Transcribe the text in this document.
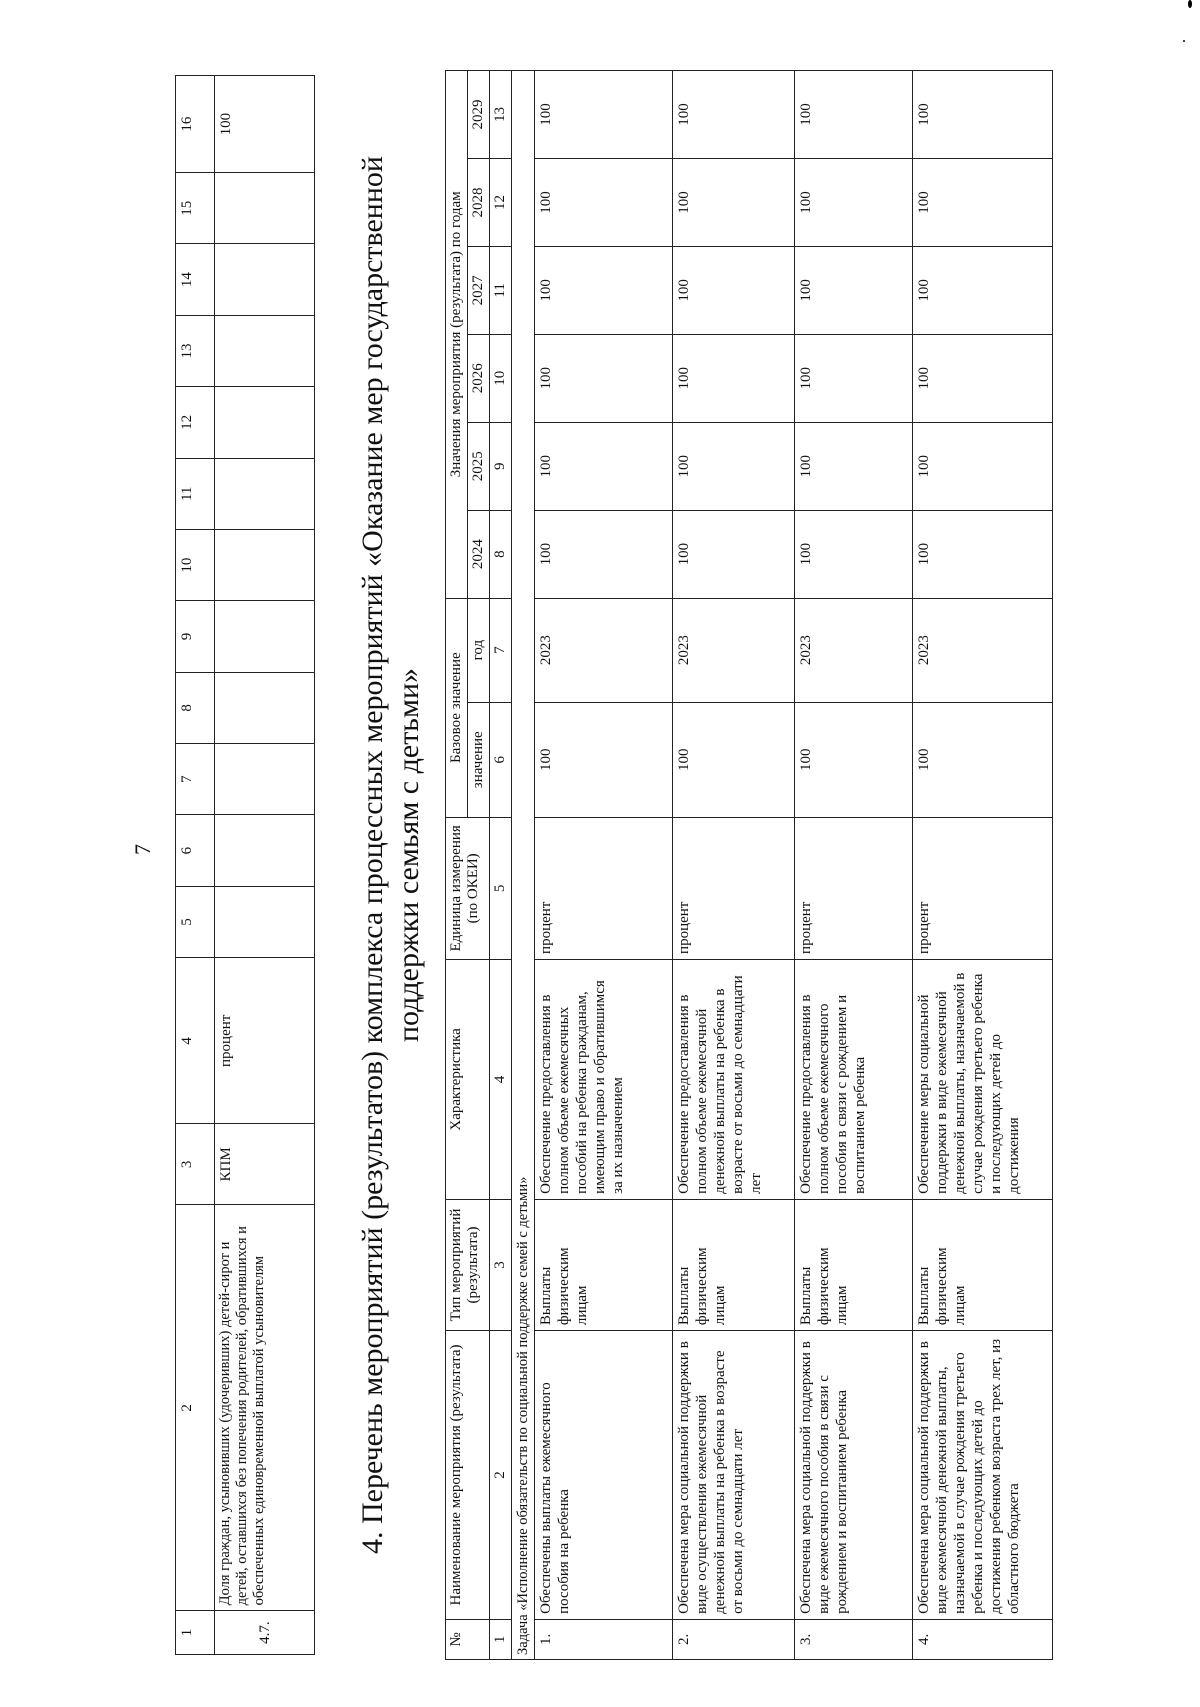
7
1	2	3	4	5	6	7	8	9	10	11	12	13	14	15	16
4.7.	Доля граждан, усыновивших (удочеривших) детей-сирот и детей, оставшихся без попечения родителей, обратившихся и обеспеченных единовременной выплатой усыновителям	КПМ	процент												100
4. Перечень мероприятий (результатов) комплекса процессных мероприятий «Оказание мер государственной поддержки семьям с детьми»
№	Наименование мероприятия (результата)	Тип мероприятий (результата)	Характеристика	Единица измерения (по ОКЕИ)	Базовое значение		Значения мероприятия (результата) по годам					
					значение	год	2024	2025	2026	2027	2028	2029
1	2	3	4	5	6	7	8	9	10	11	12	13
Задача «Исполнение обязательств по социальной поддержке семей с детьми»												
1.	Обеспечены выплаты ежемесячного пособия на ребенка	Выплаты физическим лицам	Обеспечение предоставления в полном объеме ежемесячных пособий на ребенка гражданам, имеющим право и обратившимся за их назначением	процент	100	2023	100	100	100	100	100	100
2.	Обеспечена мера социальной поддержки в виде осуществления ежемесячной денежной выплаты на ребенка в возрасте от восьми до семнадцати лет	Выплаты физическим лицам	Обеспечение предоставления в полном объеме ежемесячной денежной выплаты на ребенка в возрасте от восьми до семнадцати лет	процент	100	2023	100	100	100	100	100	100
3.	Обеспечена мера социальной поддержки в виде ежемесячного пособия в связи с рождением и воспитанием ребенка	Выплаты физическим лицам	Обеспечение предоставления в полном объеме ежемесячного пособия в связи с рождением и воспитанием ребенка	процент	100	2023	100	100	100	100	100	100
4.	Обеспечена мера социальной поддержки в виде ежемесячной денежной выплаты, назначаемой в случае рождения третьего ребенка и последующих детей до достижения ребенком возраста трех лет, из областного бюджета	Выплаты физическим лицам	Обеспечение меры социальной поддержки в виде ежемесячной денежной выплаты, назначаемой в случае рождения третьего ребенка и последующих детей до достижения	процент	100	2023	100	100	100	100	100	100
